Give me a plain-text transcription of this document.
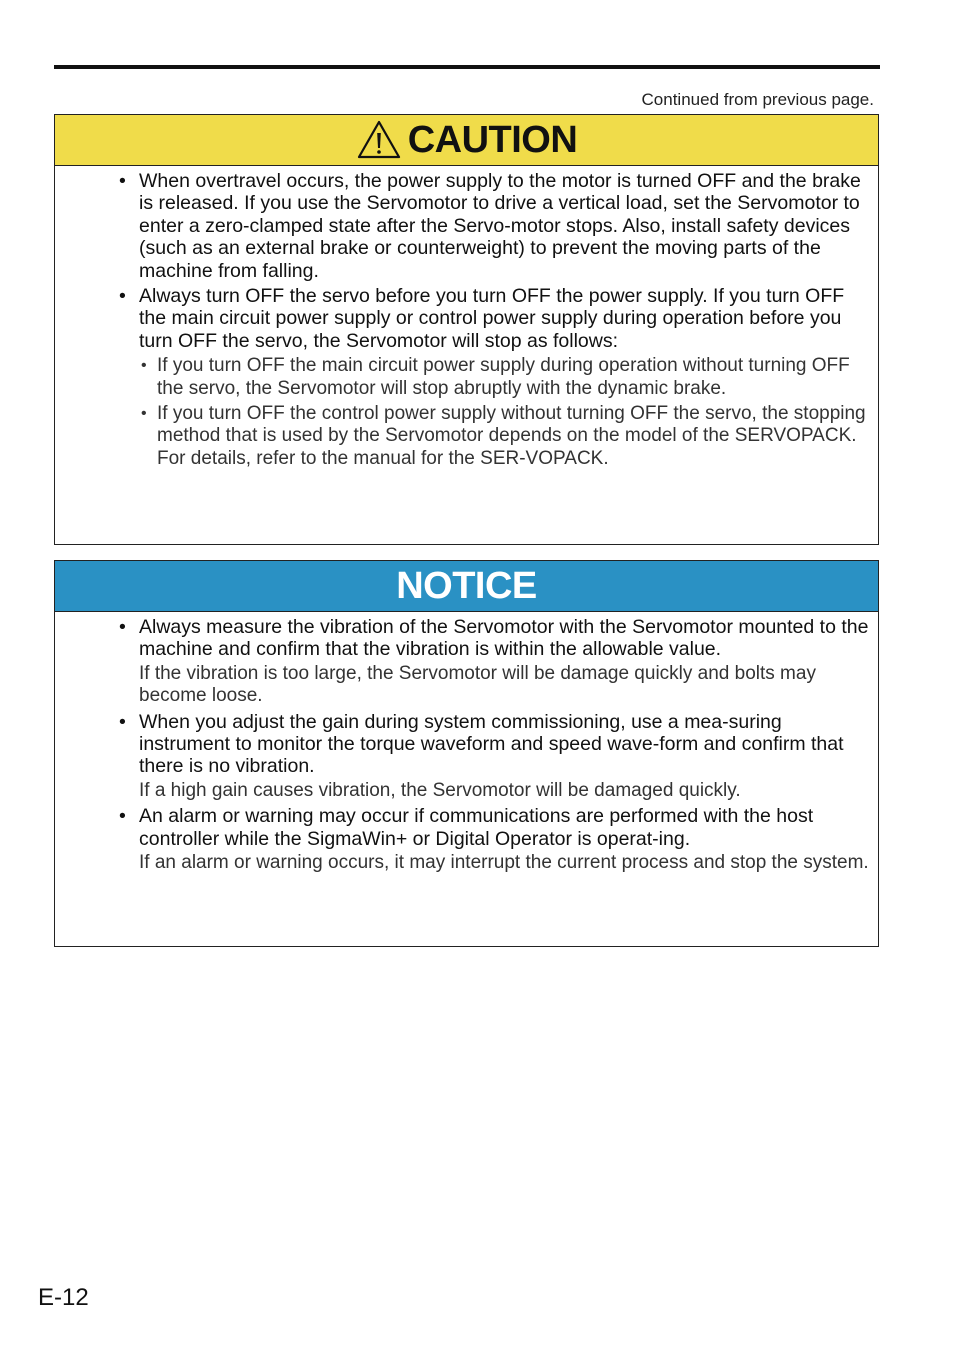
Continued from previous page.
CAUTION
• When overtravel occurs, the power supply to the motor is turned OFF and the brake is released. If you use the Servomotor to drive a vertical load, set the Servomotor to enter a zero-clamped state after the Servo-motor stops. Also, install safety devices (such as an external brake or counterweight) to prevent the moving parts of the machine from falling.
• Always turn OFF the servo before you turn OFF the power supply. If you turn OFF the main circuit power supply or control power supply during operation before you turn OFF the servo, the Servomotor will stop as follows:
• If you turn OFF the main circuit power supply during operation without turning OFF the servo, the Servomotor will stop abruptly with the dynamic brake.
• If you turn OFF the control power supply without turning OFF the servo, the stopping method that is used by the Servomotor depends on the model of the SERVOPACK. For details, refer to the manual for the SER-VOPACK.
NOTICE
• Always measure the vibration of the Servomotor with the Servomotor mounted to the machine and confirm that the vibration is within the allowable value.
If the vibration is too large, the Servomotor will be damage quickly and bolts may become loose.
• When you adjust the gain during system commissioning, use a mea-suring instrument to monitor the torque waveform and speed wave-form and confirm that there is no vibration.
If a high gain causes vibration, the Servomotor will be damaged quickly.
• An alarm or warning may occur if communications are performed with the host controller while the SigmaWin+ or Digital Operator is operat-ing.
If an alarm or warning occurs, it may interrupt the current process and stop the system.
E-12
